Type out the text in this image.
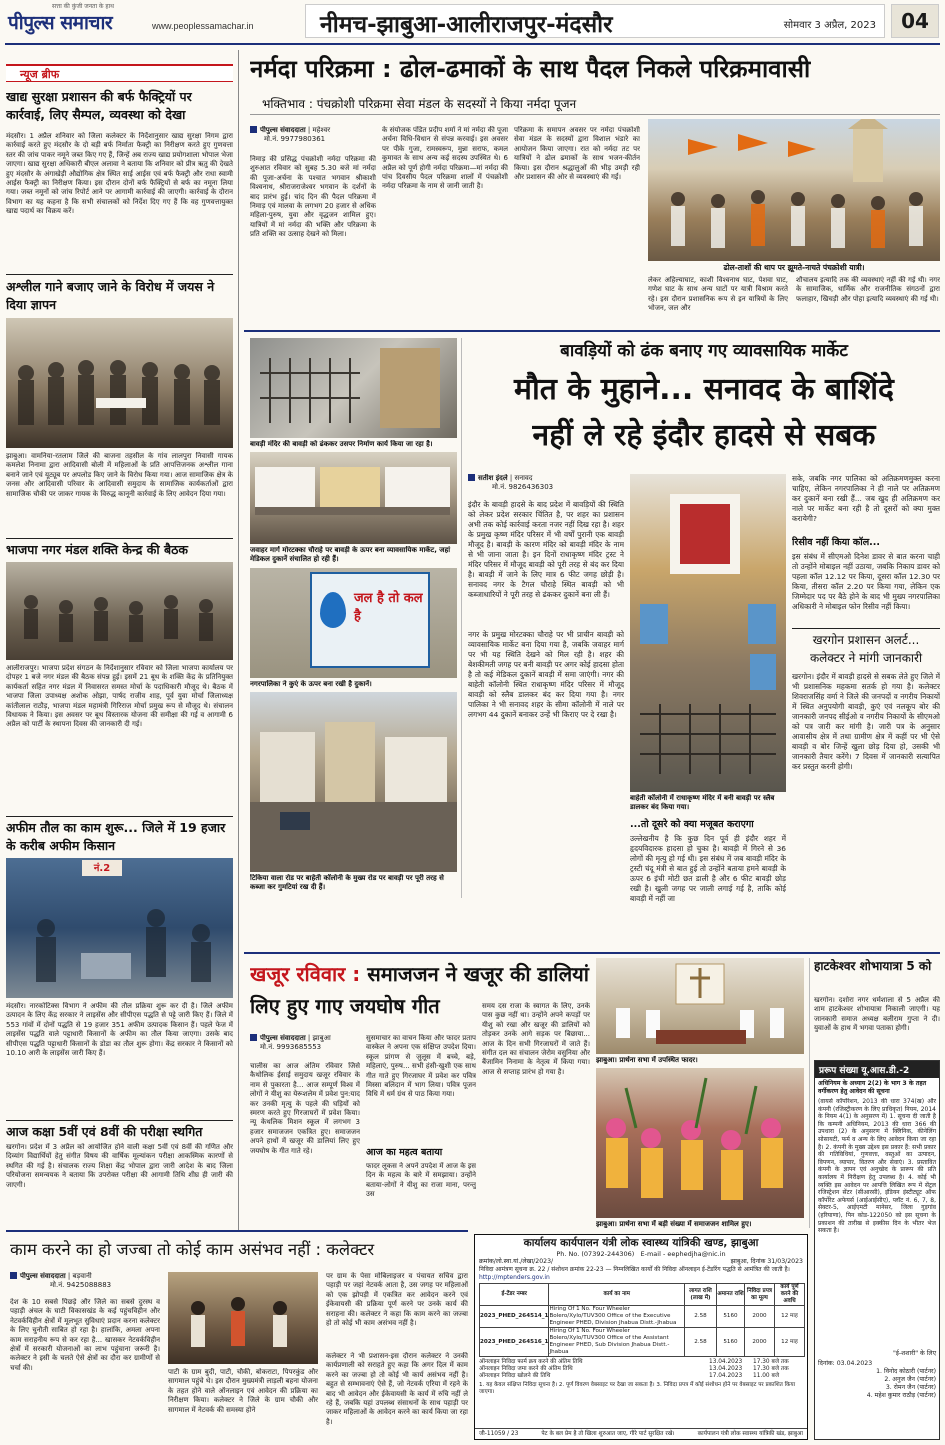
सत्ता की कुंजी जनता के हाथ
पीपुल्स समाचार	www.peoplessamachar.in	नीमच-झाबुआ-आलीराजपुर-मंदसौर	सोमवार 3 अप्रैल, 2023	04
न्यूज ब्रीफ
खाद्य सुरक्षा प्रशासन की बर्फ फैक्ट्रियों पर कार्रवाई, लिए सैम्पल, व्यवस्था को देखा
मंदसौर। 1 अप्रैल शनिवार को जिला कलेक्टर के निर्देशानुसार खाद्य सुरक्षा निगम द्वारा कार्रवाई करते हुए मंदसौर के दो बड़ी बर्फ निर्माता फैक्ट्री का निरीक्षण करते हुए गुणवत्ता स्तर की जांच पाकर नमूने जब्त किए गए हैं, जिन्हें अब राज्य खाद्य प्रयोगशाला भोपाल भेजा जाएगा। खाद्य सुरक्षा अधिकारी बीएल अलावा ने बताया कि शनिवार को प्रीत्र ऋतु की देखते हुए मंदसौर के अंगाखेड़ी औद्योगिक क्षेत्र स्थित साई आईस एवं बर्फ फैक्ट्री और राधा स्वामी आईस फैक्ट्री का निरीक्षण किया। इस दौरान दोनों बर्फ फैक्ट्रियों से बर्फ का नमूना लिया गया। जब्त नमूनों को जांच रिपोर्ट आने पर आगामी कार्रवाई की जाएगी। कार्रवाई के दौरान विभाग का यह कहना है कि सभी संचालकों को निर्देश दिए गए हैं कि वह गुणवत्तायुक्त खाद्य पदार्थ का विक्रय करें।
अश्लील गाने बजाए जाने के विरोध में जयस ने दिया ज्ञापन
झाबुआ। वामनिया-रतलाम जिले की बाजना तहसील के गांव लालपुरा निवासी गायक कमलेश निनामा द्वारा आदिवासी बोली में महिलाओं के प्रति आपत्तिजनक अश्लील गाना बनाने जाने एवं यूट्यूब पर अपलोड किए जाने के विरोध किया गया। आज सामाजिक क्षेत्र के जनस और आदिवासी परिवार के आदिवासी समुदाय के सामाजिक कार्यकर्ताओं द्वारा सामाजिक चौकी पर जाकर गायक के विरुद्ध कानूनी कार्रवाई के लिए आवेदन दिया गया।
भाजपा नगर मंडल शक्ति केन्द्र की बैठक
आलीराजपुर। भाजपा प्रदेश संगठन के निर्देशानुसार रविवार को जिला भाजपा कार्यालय पर दोपहर 1 बजे नगर मंडल की बैठक संपन्न हुई। इसमें 21 बूथ के शक्ति केंद्र के प्रतिनियुक्त कार्यकर्ता सहित नगर मंडल में निवासरत समस्त मोर्चा के पदाधिकारी मौजूद थे। बैठक में भाजपा जिला उपाध्यक्ष अशोक ओझा, पार्षद राजीव शाह, पूर्व युवा मोर्चा जिलाध्यक्ष कांतीलाल राठौड़, भाजपा मंडल महामंत्री गिरिराज मोर्चा प्रमुख रूप से मौजूद थे। संचालन विधायक ने किया। इस अवसर पर बूथ विस्तारक योजना की समीक्षा की गई व आगामी 6 अप्रैल को पार्टी के स्थापना दिवस की जानकारी दी गई।
अफीम तौल का काम शुरू... जिले में 19 हजार के करीब अफीम किसान
नं.2
मंदसौर। नारकोटिक्स विभाग ने अफीम की तौल प्रक्रिया शुरू कर दी है। जिले अफीम उत्पादन के लिए केंद्र सरकार ने लाइसेंस और सीपीएस पद्धति से पट्टे जारी किए हैं। जिले में 553 गांवों में दोनों पद्धति से 19 हजार 351 अफीम उत्पादक किसान हैं। पहले फेज में लाइसेंस पद्धति वाले पट्टाधारी किसानों के अफीम का तौल किया जाएगा। उसके बाद सीपीएस पद्धति पट्टाधारी किसानों के डोडा का तौल शुरू होगा। केंद्र सरकार ने किसानों को 10.10 आरी के लाइसेंस जारी किए हैं।
आज कक्षा 5वीं एवं 8वीं की परीक्षा स्थगित
खरगोन। प्रदेश में 3 अप्रैल को आयोजित होने वाली कक्षा 5वीं एवं 8वीं की गणित और दिव्यांग विद्यार्थियों हेतु संगीत विषय की वार्षिक मूल्यांकन परीक्षा आकस्मिक कारणों से स्थगित की गई है। संचालक राज्य शिक्षा केंद्र भोपाल द्वारा जारी आदेश के बाद जिला परियोजना समन्वयक ने बताया कि उपरोक्त परीक्षा की आगामी तिथि शीघ्र ही जारी की जाएगी।
नर्मदा परिक्रमा : ढोल-ढमाकों के साथ पैदल निकले परिक्रमावासी
भक्तिभाव : पंचक्रोशी परिक्रमा सेवा मंडल के सदस्यों ने किया नर्मदा पूजन
पीपुल्स संवाददाता | महेश्वर
मो.नं. 9977980361
निमाड़ की प्रसिद्ध पंचक्रोशी नर्मदा परिक्रमा की शुरुआत रविवार को सुबह 5.30 बजे मां नर्मदा की पूजा-अर्चना के पश्चात भगवान श्रीकाशी विश्वनाथ, श्रीराजराजेश्वर भगवान के दर्शनों के बाद प्रारंभ हुई। चांद दिन की पैदल परिक्रमा में निमाड़ एवं मालवा के लगभग 20 हजार से अधिक महिला-पुरुष, युवा और वृद्धजन शामिल हुए। यात्रियों में मां नर्मदा की भक्ति और परिक्रमा के प्रति शक्ति का उत्साह देखने को मिला।
के संयोजक पंडित प्रदीप शर्मा ने मां नर्मदा की पूजा अर्चना विधि-विधान से संपन्न करवाई। इस अवसर पर पीके गुजा, रामस्वरूप, मुन्ना सराफ, कमल कुमावत के साथ अन्य कई सदस्य उपस्थित थे। 6 अप्रैल को पूर्ण होगी नर्मदा परिक्रमा—मां नर्मदा की पांच दिवसीय पैदल परिक्रमा शालों में पंचक्रोशी नर्मदा परिक्रमा के नाम से जानी जाती है।
परिक्रमा के समापन अवसर पर नर्मदा पंचक्रोशी सेवा मंडल के सदस्यों द्वारा विशाल भंडारे का आयोजन किया जाएगा। रात को नर्मदा तट पर यात्रियों ने ढोल ढमाकों के साथ भजन-कीर्तन किया। इस दौरान श्रद्धालुओं की भीड़ उमड़ी रही और प्रशासन की ओर से व्यवस्थाएं की गईं।
ढोल-ताशों की थाप पर झूमते-नाचते पंचक्रोशी यात्री।
लेकर अहिल्याघाट, काशी विश्वनाथ घाट, पेशवा घाट, गणेश घाट के साथ अन्य घाटों पर यात्री विश्राम करते रहे। इस दौरान प्रशासनिक रूप से इन यात्रियों के लिए भोजन, जल और
शौचालय इत्यादि तक की व्यवस्थाएं नहीं की गई थी। नगर के सामाजिक, धार्मिक और राजनीतिक संगठनों द्वारा फलाहार, खिचड़ी और पोहा इत्यादि व्यवस्थाएं की गई थी।
बावड़ी मंदिर की बावड़ी को ढंककर उसपर निर्माण कार्य किया जा रहा है।
जवाहर मार्ग मोरटक्का चौराहे पर बावड़ी के ऊपर बना व्यावसायिक मार्केट, जहां मेडिकल दुकानें संचालित हो रही हैं।
जल है तो कल है
नगरपालिका ने कुएं के ऊपर बना रखी है दुकानें।
टिकिया वाला रोड पर बाहेती कॉलोनी के मुख्य रोड पर बावड़ी पर पूरी तरह से कब्जा कर गुमटियां रख दी हैं।
बावड़ियों को ढंक बनाए गए व्यावसायिक मार्केट
मौत के मुहाने... सनावद के बाशिंदे
नहीं ले रहे इंदौर हादसे से सबक
सतीश इंदले | सनावद
मो.नं. 9826436303
इंदौर के बावड़ी हादसे के बाद प्रदेश में बावड़ियों की स्थिति को लेकर प्रदेश सरकार चिंतित है, पर शहर का प्रशासन अभी तक कोई कार्रवाई करता नजर नहीं दिख रहा है। शहर के प्रमुख कृष्ण मंदिर परिसर में भी वर्षों पुरानी एक बावड़ी मौजूद है। बावड़ी के कारण मंदिर को बावड़ी मंदिर के नाम से भी जाना जाता है। इन दिनों राधाकृष्ण मंदिर ट्रस्ट ने मंदिर परिसर में मौजूद बावड़ी को पूरी तरह से बंद कर दिया है। बावड़ी में जाने के लिए मात्र 6 फीट जगह छोड़ी है। सनावद नगर के टैगल चौराहे स्थित बावड़ी को भी कब्जाधारियों ने पूरी तरह से ढंककर दुकानें बना ली हैं।
नगर के प्रमुख मोरटक्का चौराहे पर भी प्राचीन बावड़ी को व्यावसायिक मार्केट बना दिया गया है, जबकि जवाहर मार्ग पर भी यह स्थिति देखने को मिल रही है। शहर की बेशकीमती जगह पर बनी बावड़ी पर अगर कोई हादसा होता है तो कई मेडिकल दुकानें बावड़ी में समा जाएंगी। नगर की बाहेती कॉलोनी स्थित राधाकृष्ण मंदिर परिसर में मौजूद बावड़ी को स्लैब डालकर बंद कर दिया गया है। नगर पालिका ने भी सनावद शहर के सीमा कॉलोनी में नाले पर लगभग 44 दुकानें बनाकर उन्हें भी किराए पर दे रखा है।
बाहेती कॉलोनी में राधाकृष्ण मंदिर में बनी बावड़ी पर स्लैब डालकर बंद किया गया।
...तो दूसरे को क्या मजूबत कराएगा
उल्लेखनीय है कि कुछ दिन पूर्व ही इंदौर शहर में हृदयविदारक हादसा हो चुका है। बावड़ी में गिरने से 36 लोगों की मृत्यु हो गई थी। इस संबंध में जब बावड़ी मंदिर के ट्रस्टी चंदू मंत्री से बात हुई तो उन्होंने बताया हमने बावड़ी के ऊपर 6 इंची मोटी छत डाली है और 6 फीट बावड़ी छोड़ रखी है। खुली जगह पर जाली लगाई गई है, ताकि कोई बावड़ी में नहीं जा
सके, जबकि नगर पालिका को अतिक्रमणमुक्त करना चाहिए, लेकिन नगरपालिका ने ही नाले पर अतिक्रमण कर दुकानें बना रखी हैं... जब खुद ही अतिक्रमण कर नाले पर मार्केट बना रही है तो दूसरों को क्या मुक्त करायेगी?
रिसीव नहीं किया कॉल...
इस संबंध में सीएमओ दिनेश डावर से बात करना चाही तो उन्होंने मोबाइल नहीं उठाया, जबकि निकाय डावर को पहला कॉल 12.12 पर किया, दूसरा कॉल 12.30 पर किया, तीसरा कॉल 2.20 पर किया गया, लेकिन एक जिम्मेदार पद पर बैठे होने के बाद भी मुख्य नगरपालिका अधिकारी ने मोबाइल फोन रिसीव नहीं किया।
खरगोन प्रशासन अलर्ट...
कलेक्टर ने मांगी जानकारी
खरगोन। इंदौर में बावड़ी हादसे से सबक लेते हुए जिले में भी प्रशासनिक महकमा सतर्क हो गया है। कलेक्टर शिवराजसिंह वर्मा ने जिले की जनपदों व नगरीय निकायों में स्थित अनुपयोगी बावड़ी, कुएं एवं नलकूप बोर की जानकारी जनपद सीईओ व नगरीय निकायों के सीएमओ को पत्र जारी कर मांगी है। जारी पत्र के अनुसार आवासीय क्षेत्र में तथा ग्रामीण क्षेत्र में कहीं पर भी ऐसे बावड़ी व बोर जिन्हें खुला छोड़ दिया हो, उसकी भी जानकारी तैयार करेंगे। 7 दिवस में जानकारी सत्यापित कर प्रस्तुत करनी होगी।
खजूर रविवार : समाजजन ने खजूर की डालियां लिए हुए गाए जयघोष गीत
पीपुल्स संवाददाता | झाबुआ
मो.नं. 9993685553
चालीस का आज अंतिम रविवार जिसे कैथोलिक ईसाई समुदाय खजूर रविवार के नाम से पुकारता है... आज सम्पूर्ण विश्व में लोगों ने यीशु का येरूशलेम में प्रवेश पुन:याद कर उनकी मृत्यु के पहले की घड़ियों को स्मरण करते हुए गिरजाघरों में प्रवेश किया। न्यू केथलिक मिशन स्कूल में लगभग 3 हजार समाजजन एकत्रित हुए। समाजजन अपने हाथों में खजूर की डालियां लिए हुए जयघोष के गीत गाते रहे।
सुसमाचार का वाचन किया और फादर प्रताप वास्केल ने अपना एक संक्षिप्त उपदेश दिया। स्कूल प्रांगण से जुलूस में बच्चे, बड़े, महिलाएं, पुरुष... सभी हंसी-खुशी एक साथ गीत गाते हुए गिरजाघर में प्रवेश कर पवित्र मिस्सा बलिदान में भाग लिया। पवित्र पूजन विधि में धर्म ग्रंथ से पाठ किया गया।
आज का महत्व बताया
फादर लूकस ने अपने उपदेश में आज के इस दिन के महत्व के बारे में समझाया। उन्होंने बताया-लोगों ने यीशु का राजा माना, परन्तु उस
समय दस राजा के स्वागत के लिए, उनके पास कुछ नहीं था। उन्होंने अपने कपड़ों पर यीशु को रखा और खजूर की डालियों को तोड़कर उनके आगे सड़क पर बिछाया... आज के दिन सभी गिरजाघरों में जाते हैं। संगीत दल का संचालन जेरोम वसुनिया और बैंजामिन निनामा के नेतृत्व में किया गया। आज से सप्ताह प्रारंभ हो गया है।
झाबुआ। प्रार्थना सभा में उपस्थित फादर।
झाबुआ। प्रार्थना सभा में बड़ी संख्या में समाजजन शामिल हुए।
हाटकेश्वर शोभायात्रा 5 को
खरगोन। दशोरा नगर धर्मशाला से 5 अप्रैल की शाम हाटकेश्वर शोभायात्रा निकाली जाएगी। यह जानकारी समाज अध्यक्ष बलीराम गुप्ता ने दी। युवाओं के हाथ में भगवा पताका होगी।
प्ररूप संख्या यू.आस.डी.-2
अधिनियम के अध्याय 2(2) के भाग 3 के तहत वर्गीकरण हेतु आवेदन की सूचना
(वायर्स कॉर्पोरेशन, 2013 की धारा 374(ख) और कंपनी (रजिस्ट्रीकरण के लिए प्राधिकृत) नियम, 2014 के नियम 4(1) के अनुसरण में) 1. सूचना दी जाती है कि कम्पनी अधिनियम, 2013 की धारा 366 की उपधारा (2) के अनुसरण में क्लिनिक, कीनेलिंग सोसायटी, फर्म व अन्य के लिए आवेदन किया जा रहा है। 2. कंपनी के मुख्य उद्देश्य इस प्रकार हैं: सभी प्रकार की गतिविधियां, गुणवत्ता, वस्तुओं का उत्पादन, विपणन, व्यापार, वितरण और सेवाएं। 3. प्रस्तावित कंपनी के ज्ञापन एवं अनुच्छेद के प्रारूप की प्रति कार्यालय में निरीक्षण हेतु उपलब्ध है। 4. कोई भी व्यक्ति इस आवेदन पर आपत्ति लिखित रूप में सेंट्रल रजिस्ट्रेशन सेंटर (सीआरसी), इंडियन इंस्टीट्यूट ऑफ कॉर्पोरेट अफेयर्स (आईआईसीए), प्लॉट नं. 6, 7, 8, सेक्टर-5, आईएमटी मानेसर, जिला गुड़गांव (हरियाणा), पिन कोड-122050 को इस सूचना के प्रकाशन की तारीख से इक्कीस दिन के भीतर भेज सकता है।
"ई-शशारी" के लिए
दिनांक: 03.04.2023
1. विनोद कोठारी (पार्टनर)
2. अनुज जैन (पार्टनर)
3. रोमन जैन (पार्टनर)
4. महेश कुमार राठौड़ (पार्टनर)
काम करने का हो जज्बा तो कोई काम असंभव नहीं : कलेक्टर
पीपुल्स संवाददाता | बड़वानी
मो.नं. 9425088883
देश के 10 सबसे पिछड़े और जिले का सबसे दुरस्थ व पहाड़ी अंचल के घाटी विकासखंड के कई पहुंचविहीन और नेटवर्कविहीन क्षेत्रों में मूलभूत सुविधाएं प्रदान करना कलेक्टर के लिए चुनौती साबित हो रहा है। हालांकि, अमला अपना काम सराहनीय रूप से कर रहा है... खासकर नेटवर्कविहीन क्षेत्रों में सरकारी योजनाओं का लाभ पहुंचाना जरूरी है। कलेक्टर ने इसी के चलते ऐसे क्षेत्रों का दौरा कर ग्रामीणों से चर्चा की।
पाटी के ग्राम बुदी, पाटी, चौकी, बोकराटा, पिपरकुंड और सागमाल पहुंचे थे। इस दौरान मुख्यमंत्री लाड़ली बहना योजना के तहत होने वाले ऑनलाइन एवं आवेदन की प्रक्रिया का निरीक्षण किया। कलेक्टर ने जिले के ग्राम चौकी और सागमाल में नेटवर्क की समस्या होने
पर ग्राम के पेसा मोबिलाइजर व पंचायत सचिव द्वारा पहाड़ी पर जहां नेटवर्क आता है, उस जगह पर महिलाओं को एक झोपड़ी में एकत्रित कर आवेदन करने एवं ईकेवायसी की प्रक्रिया पूर्ण करने पर उनके कार्य की सराहना की। कलेक्टर ने कहा कि काम करने का जज्बा हो तो कोई भी काम असंभव नहीं है।
कलेक्टर ने भी प्रशासन-इस दौरान कलेक्टर ने उनकी कार्यप्रणाली को सराहते हुए कहा कि अगर दिल में काम करने का जज्बा हो तो कोई भी कार्य असंभव नहीं है। बहुत से सम्भावनाएं ऐसे हैं, जो नेटवर्क एरिया में रहने के बाद भी आवेदन और ईकेवायसी के कार्य में रुचि नहीं ले रहे हैं, जबकि यहां उपलब्ध संसाधनों के साथ पहाड़ी पर जाकर महिलाओं के आवेदन करने का कार्य किया जा रहा है।
कार्यालय कार्यपालन यंत्री लोक स्वास्थ्य यांत्रिकी खण्ड, झाबुआ
Ph. No. (07392-244306) E-mail - eephedjha@nic.in
क्रमांक/लो.स्वा.यां./लेखा/2023/	झाबुआ, दिनांक 31/03/2023
निविदा आमंत्रण सूचना क्र. 22 / संशोधन क्रमांक 22-23 — निम्नलिखित कार्यों की निविदा ऑनलाइन ई-टेंडरिंग पद्धति से आमंत्रित की जाती है।
http://mptenders.gov.in
ई-टेंडर नम्बर	कार्य का नाम	लागत राशि (लाख में)	अमानत राशि	निविदा प्रपत्र का मूल्य	कार्य पूर्ण करने की अवधि
2023_PHED_264514_1	Hiring Of 1 No. Four Wheeler Bolero/Xylo/TUV300 Office of the Executive Engineer PHED, Division Jhabua Distt.-Jhabua	2.58	5160	2000	12 माह
2023_PHED_264516_1	Hiring Of 1 No. Four Wheeler Bolero/Xylo/TUV300 Office of the Assistant Engineer PHED, Sub Division Jhabua Distt.-Jhabua	2.58	5160	2000	12 माह
ऑनलाइन निविदा फार्म क्रय करने की अंतिम तिथि	13.04.2023	17.30 बजे तक
ऑनलाइन निविदा जमा करने की अंतिम तिथि	13.04.2023	17.30 बजे तक
ऑनलाइन निविदा खोलने की तिथि	17.04.2023	11.00 बजे
1. यह केवल संक्षिप्त निविदा सूचना है। 2. पूर्ण विवरण वेबसाइट पर देखा जा सकता है। 3. निविदा प्रपत्र में कोई संशोधन होने पर वेबसाइट पर प्रकाशित किया जाएगा।
जी-11059 / 23	पेट के बल प्रेम है तो खिला शुरुआत जाए, गीरे पार्ट सुरक्षित रखे।	कार्यपालन यंत्री लोक स्वास्थ्य यांत्रिकी खंड, झाबुआ
